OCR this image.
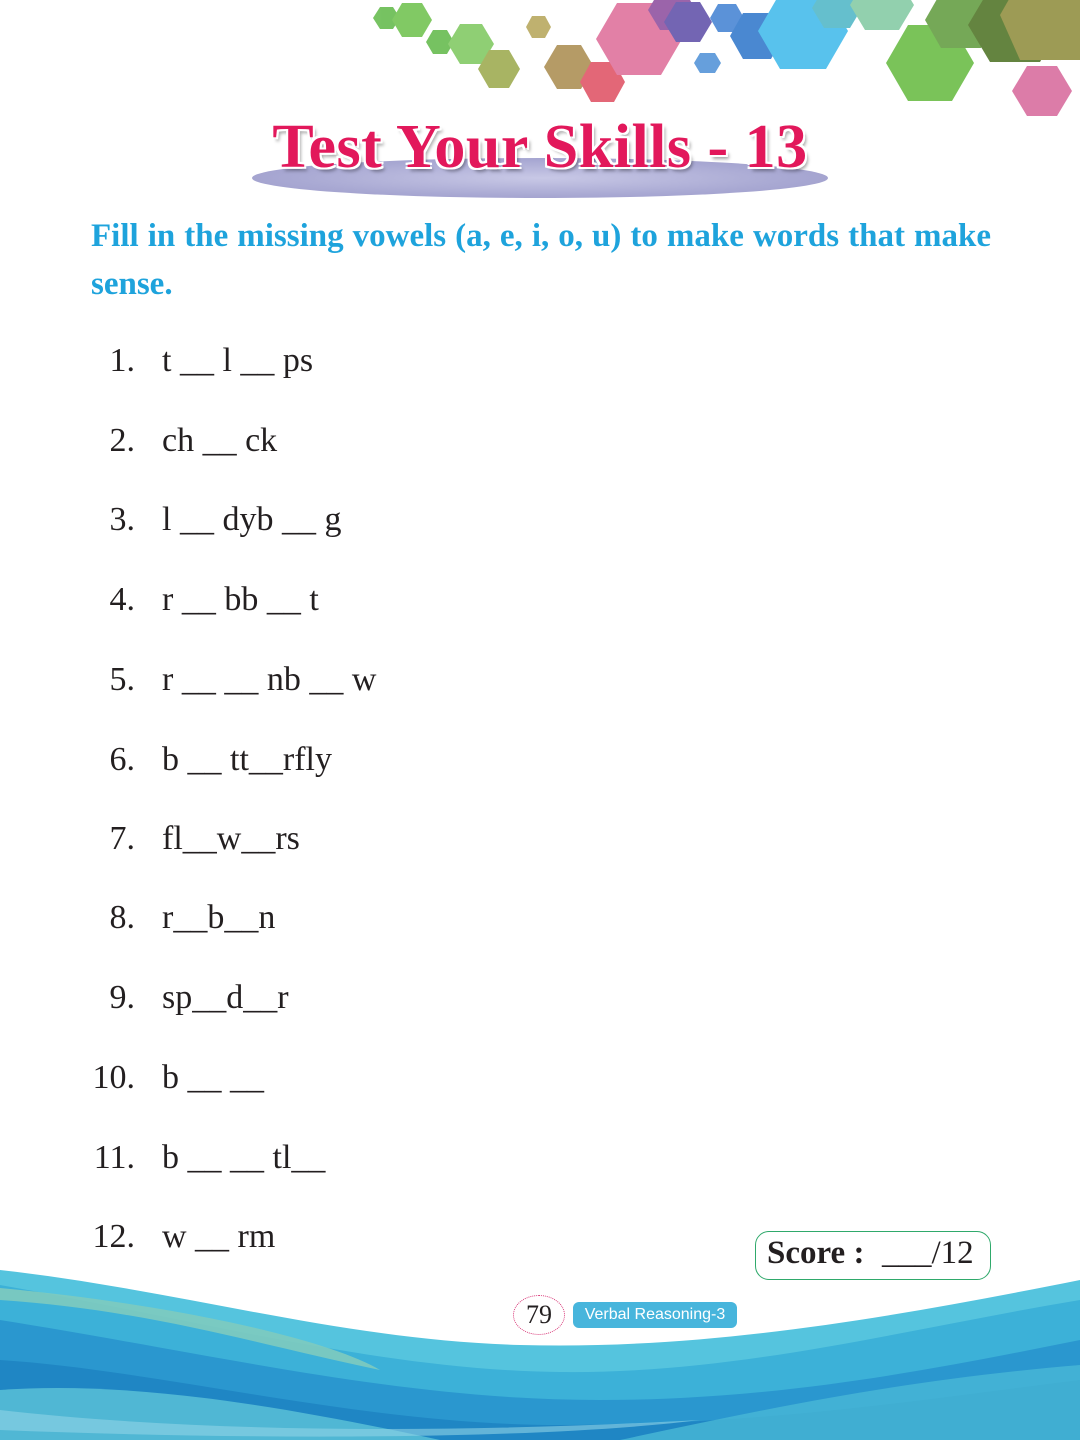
Test Your Skills - 13
Fill in the missing vowels (a, e, i, o, u) to make words that make sense.
1. t __ l __ ps
2. ch __ ck
3. l __ dyb __ g
4. r __ bb __ t
5. r __ __ nb __ w
6. b __ tt__rfly
7. fl__w__rs
8. r__b__n
9. sp__d__r
10. b __ __
11. b __ __ tl__
12. w __ rm	Score : ___/12
79	Verbal Reasoning-3
